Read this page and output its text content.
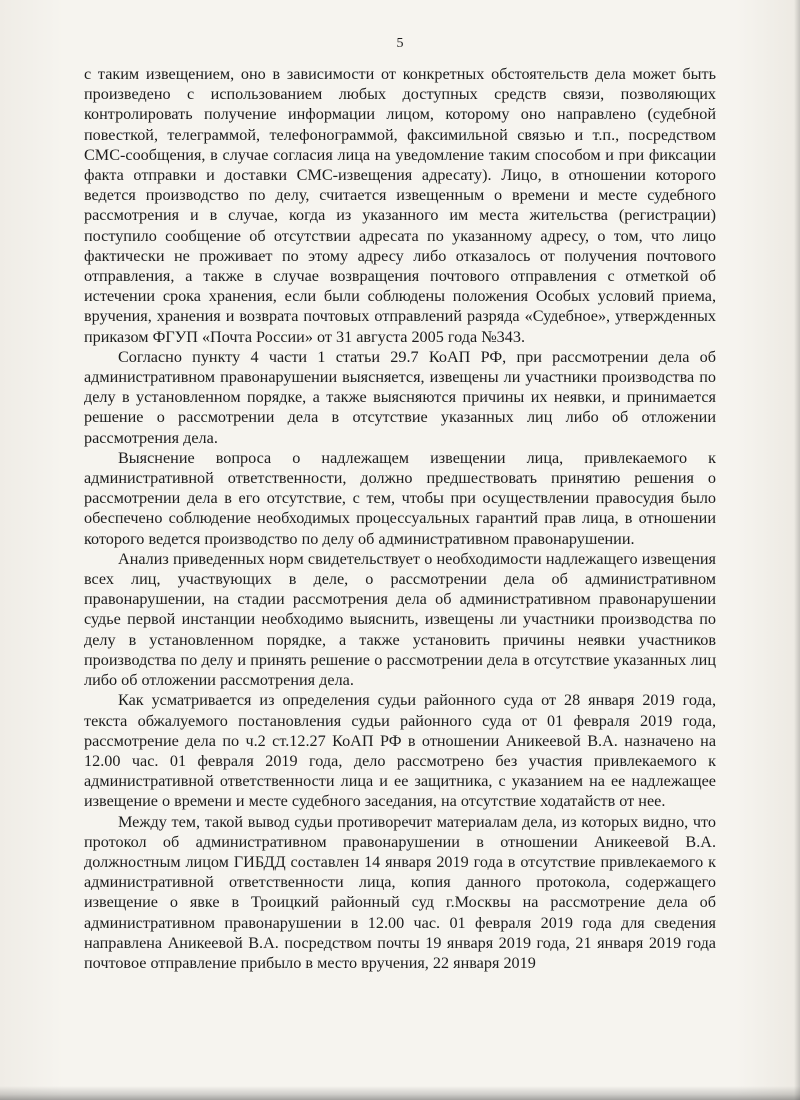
5

с таким извещением, оно в зависимости от конкретных обстоятельств дела может быть произведено с использованием любых доступных средств связи, позволяющих контролировать получение информации лицом, которому оно направлено (судебной повесткой, телеграммой, телефонограммой, факсимильной связью и т.п., посредством СМС-сообщения, в случае согласия лица на уведомление таким способом и при фиксации факта отправки и доставки СМС-извещения адресату). Лицо, в отношении которого ведется производство по делу, считается извещенным о времени и месте судебного рассмотрения и в случае, когда из указанного им места жительства (регистрации) поступило сообщение об отсутствии адресата по указанному адресу, о том, что лицо фактически не проживает по этому адресу либо отказалось от получения почтового отправления, а также в случае возвращения почтового отправления с отметкой об истечении срока хранения, если были соблюдены положения Особых условий приема, вручения, хранения и возврата почтовых отправлений разряда «Судебное», утвержденных приказом ФГУП «Почта России» от 31 августа 2005 года №343.

Согласно пункту 4 части 1 статьи 29.7 КоАП РФ, при рассмотрении дела об административном правонарушении выясняется, извещены ли участники производства по делу в установленном порядке, а также выясняются причины их неявки, и принимается решение о рассмотрении дела в отсутствие указанных лиц либо об отложении рассмотрения дела.

Выяснение вопроса о надлежащем извещении лица, привлекаемого к административной ответственности, должно предшествовать принятию решения о рассмотрении дела в его отсутствие, с тем, чтобы при осуществлении правосудия было обеспечено соблюдение необходимых процессуальных гарантий прав лица, в отношении которого ведется производство по делу об административном правонарушении.

Анализ приведенных норм свидетельствует о необходимости надлежащего извещения всех лиц, участвующих в деле, о рассмотрении дела об административном правонарушении, на стадии рассмотрения дела об административном правонарушении судье первой инстанции необходимо выяснить, извещены ли участники производства по делу в установленном порядке, а также установить причины неявки участников производства по делу и принять решение о рассмотрении дела в отсутствие указанных лиц либо об отложении рассмотрения дела.

Как усматривается из определения судьи районного суда от 28 января 2019 года, текста обжалуемого постановления судьи районного суда от 01 февраля 2019 года, рассмотрение дела по ч.2 ст.12.27 КоАП РФ в отношении Аникеевой В.А. назначено на 12.00 час. 01 февраля 2019 года, дело рассмотрено без участия привлекаемого к административной ответственности лица и ее защитника, с указанием на ее надлежащее извещение о времени и месте судебного заседания, на отсутствие ходатайств от нее.

Между тем, такой вывод судьи противоречит материалам дела, из которых видно, что протокол об административном правонарушении в отношении Аникеевой В.А. должностным лицом ГИБДД составлен 14 января 2019 года в отсутствие привлекаемого к административной ответственности лица, копия данного протокола, содержащего извещение о явке в Троицкий районный суд г.Москвы на рассмотрение дела об административном правонарушении в 12.00 час. 01 февраля 2019 года для сведения направлена Аникеевой В.А. посредством почты 19 января 2019 года, 21 января 2019 года почтовое отправление прибыло в место вручения, 22 января 2019
